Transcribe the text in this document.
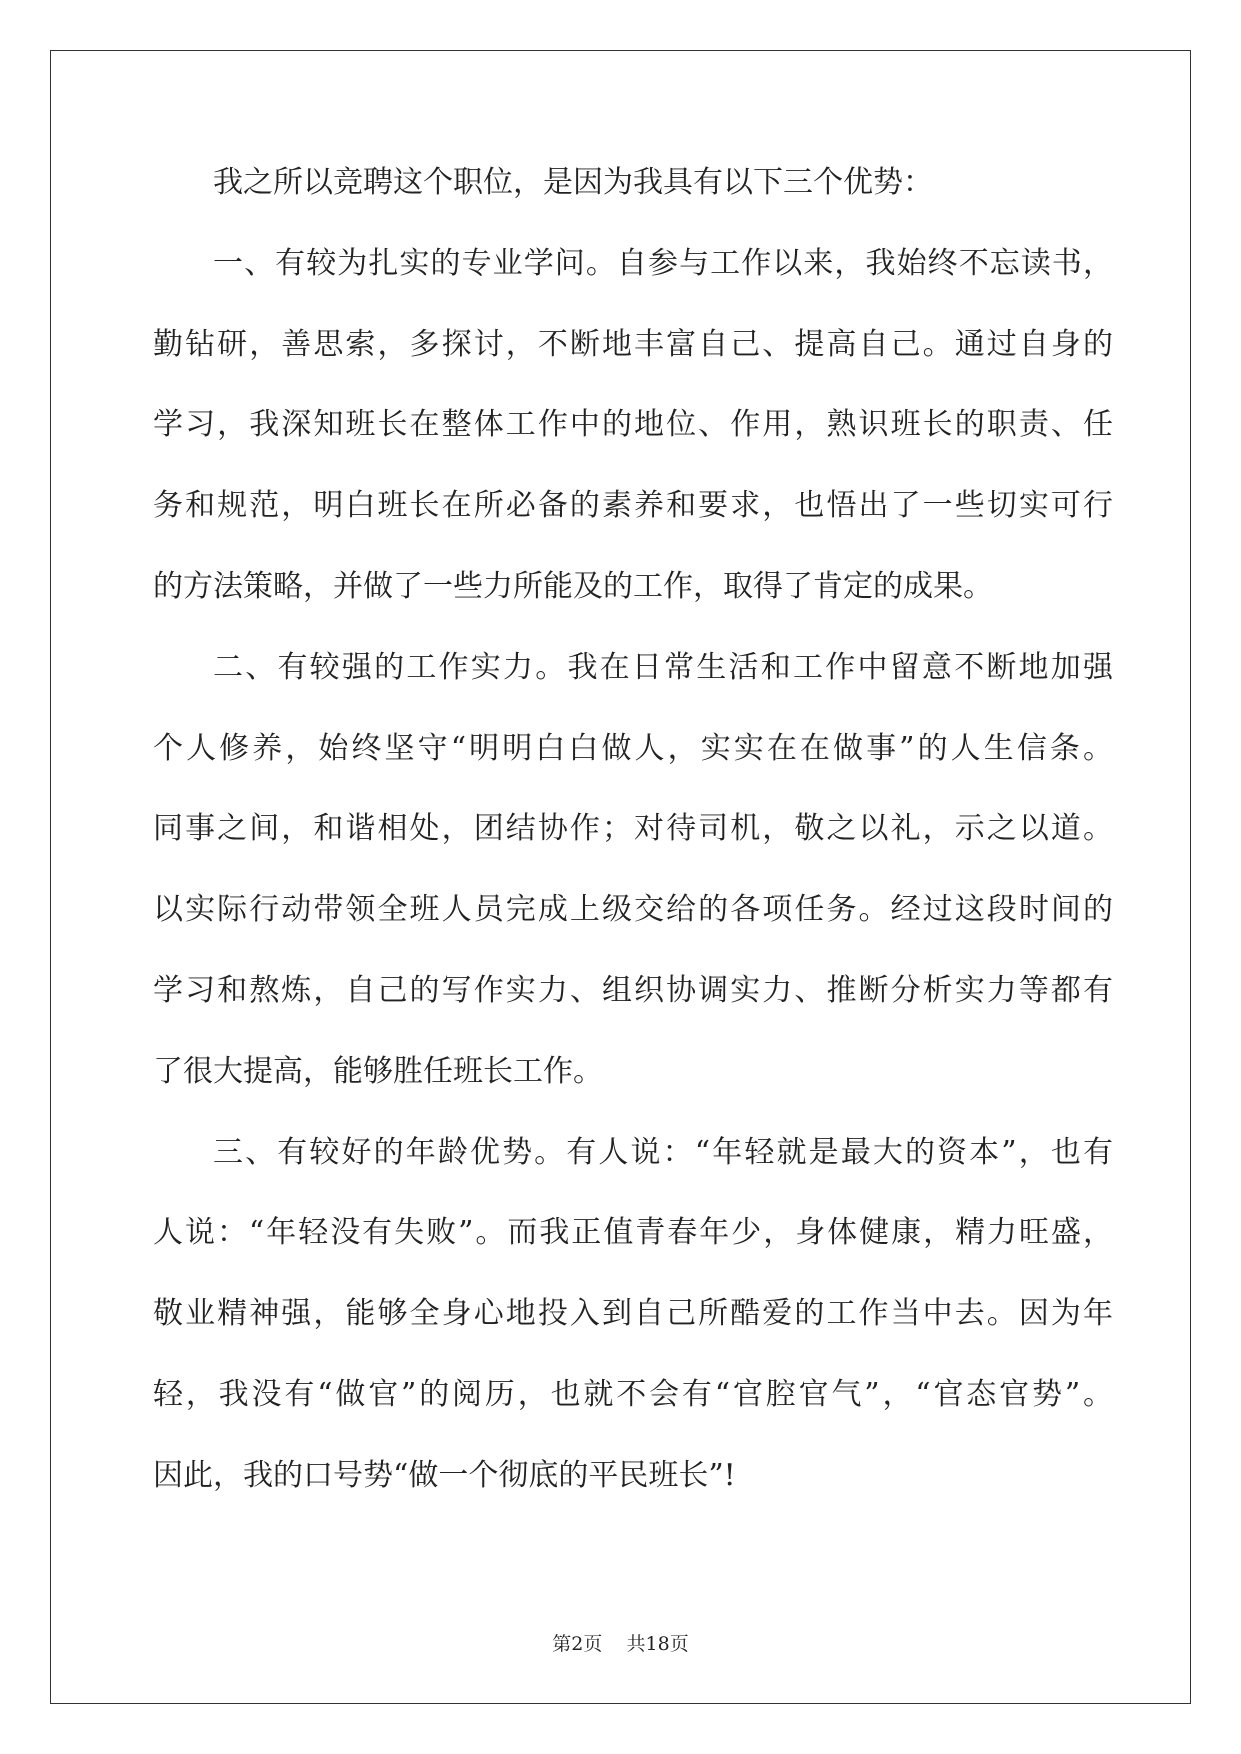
我之所以竞聘这个职位，是因为我具有以下三个优势：
一、有较为扎实的专业学问。自参与工作以来，我始终不忘读书，
勤钻研，善思索，多探讨，不断地丰富自己、提高自己。通过自身的
学习，我深知班长在整体工作中的地位、作用，熟识班长的职责、任
务和规范，明白班长在所必备的素养和要求，也悟出了一些切实可行
的方法策略，并做了一些力所能及的工作，取得了肯定的成果。
二、有较强的工作实力。我在日常生活和工作中留意不断地加强
个人修养，始终坚守“明明白白做人，实实在在做事”的人生信条。
同事之间，和谐相处，团结协作；对待司机，敬之以礼，示之以道。
以实际行动带领全班人员完成上级交给的各项任务。经过这段时间的
学习和熬炼，自己的写作实力、组织协调实力、推断分析实力等都有
了很大提高，能够胜任班长工作。
三、有较好的年龄优势。有人说：“年轻就是最大的资本”，也有
人说：“年轻没有失败”。而我正值青春年少，身体健康，精力旺盛，
敬业精神强，能够全身心地投入到自己所酷爱的工作当中去。因为年
轻，我没有“做官”的阅历，也就不会有“官腔官气”，“官态官势”。
因此，我的口号势“做一个彻底的平民班长”!
第2页    共18页
